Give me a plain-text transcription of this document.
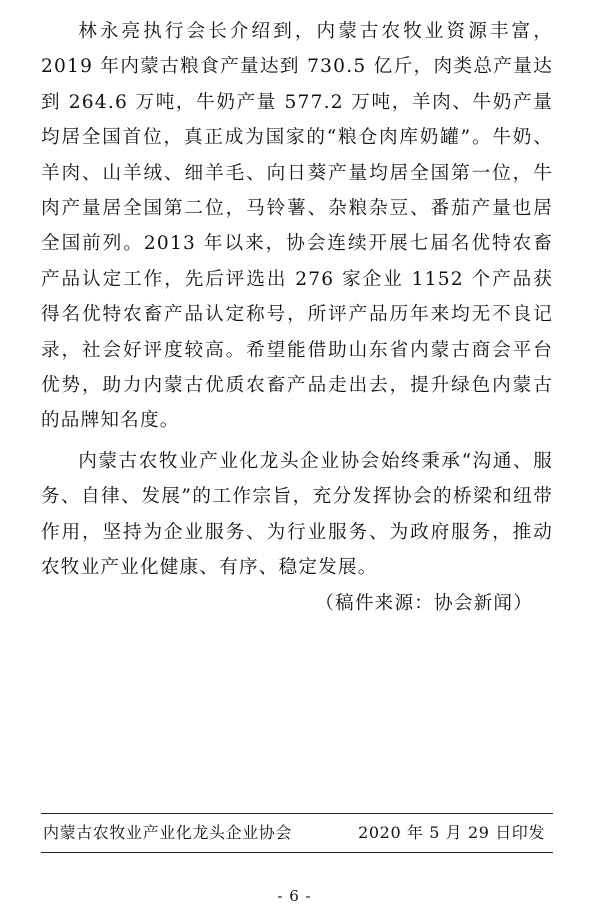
林永亮执行会长介绍到，内蒙古农牧业资源丰富，2019 年内蒙古粮食产量达到 730.5 亿斤，肉类总产量达到 264.6 万吨，牛奶产量 577.2 万吨，羊肉、牛奶产量均居全国首位，真正成为国家的“粮仓肉库奶罐”。牛奶、羊肉、山羊绒、细羊毛、向日葵产量均居全国第一位，牛肉产量居全国第二位，马铃薯、杂粮杂豆、番茄产量也居全国前列。2013 年以来，协会连续开展七届名优特农畜产品认定工作，先后评选出 276 家企业 1152 个产品获得名优特农畜产品认定称号，所评产品历年来均无不良记录，社会好评度较高。希望能借助山东省内蒙古商会平台优势，助力内蒙古优质农畜产品走出去，提升绿色内蒙古的品牌知名度。

内蒙古农牧业产业化龙头企业协会始终秉承“沟通、服务、自律、发展”的工作宗旨，充分发挥协会的桥梁和纽带作用，坚持为企业服务、为行业服务、为政府服务，推动农牧业产业化健康、有序、稳定发展。

（稿件来源：协会新闻）

内蒙古农牧业产业化龙头企业协会	2020 年 5 月 29 日印发
- 6 -
